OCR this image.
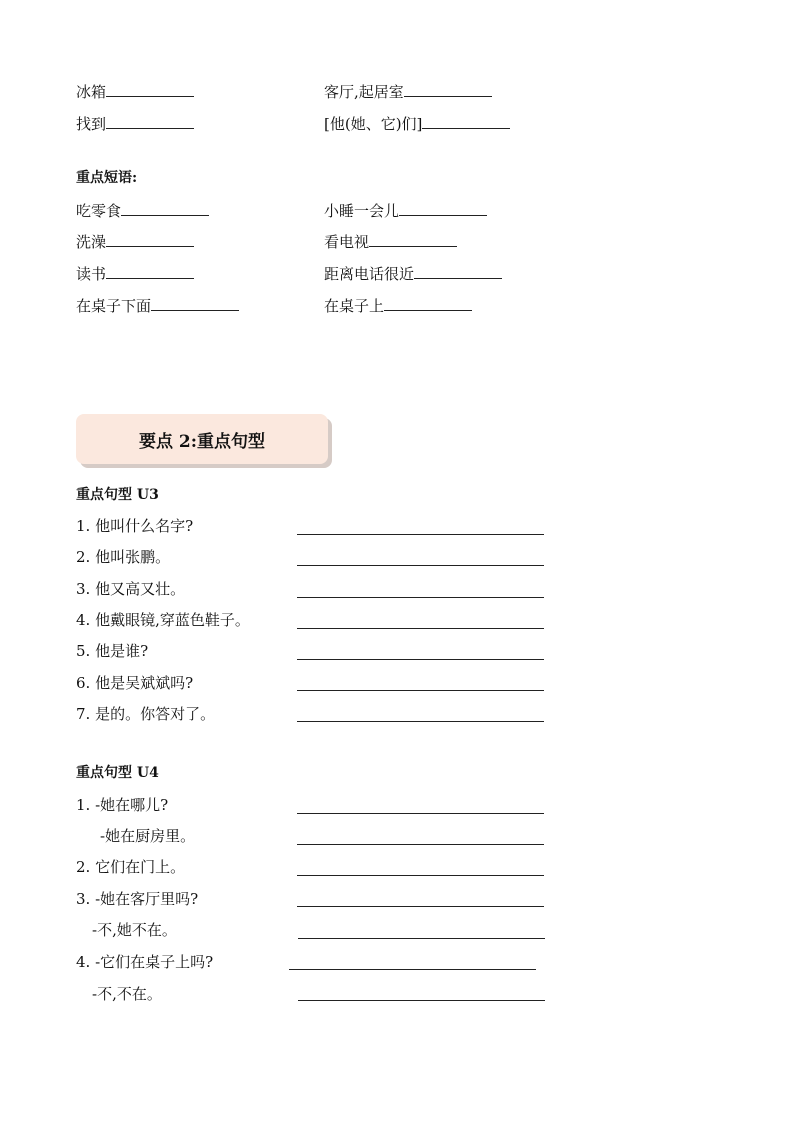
冰箱	客厅,起居室
找到	[他(她、它)们]
重点短语:
吃零食	小睡一会儿
洗澡	看电视
读书	距离电话很近
在桌子下面	在桌子上
要点 2:重点句型
重点句型 U3
1. 他叫什么名字?
2. 他叫张鹏。
3. 他又高又壮。
4. 他戴眼镜,穿蓝色鞋子。
5. 他是谁?
6. 他是吴斌斌吗?
7. 是的。你答对了。
重点句型 U4
1. -她在哪儿?
-她在厨房里。
2. 它们在门上。
3. -她在客厅里吗?
-不,她不在。
4. -它们在桌子上吗?
-不,不在。
